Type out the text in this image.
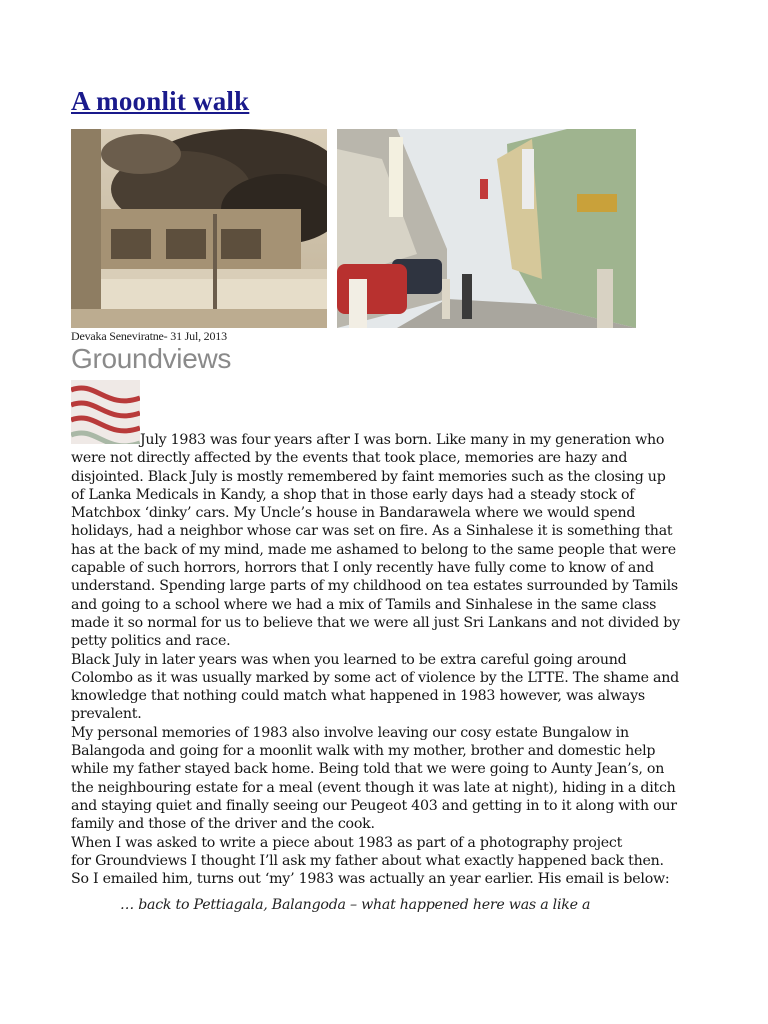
A moonlit walk
Devaka Seneviratne- 31 Jul, 2013
Groundviews

July 1983 was four years after I was born. Like many in my generation who

were not directly affected by the events that took place, memories are hazy and

disjointed. Black July is mostly remembered by faint memories such as the closing up

of Lanka Medicals in Kandy, a shop that in those early days had a steady stock of

Matchbox ‘dinky’ cars. My Uncle’s house in Bandarawela where we would spend

holidays, had a neighbor whose car was set on fire. As a Sinhalese it is something that

has at the back of my mind, made me ashamed to belong to the same people that were

capable of such horrors, horrors that I only recently have fully come to know of and

understand. Spending large parts of my childhood on tea estates surrounded by Tamils

and going to a school where we had a mix of Tamils and Sinhalese in the same class

made it so normal for us to believe that we were all just Sri Lankans and not divided by

petty politics and race.

Black July in later years was when you learned to be extra careful going around

Colombo as it was usually marked by some act of violence by the LTTE. The shame and

knowledge that nothing could match what happened in 1983 however, was always

prevalent.

My personal memories of 1983 also involve leaving our cosy estate Bungalow in

Balangoda and going for a moonlit walk with my mother, brother and domestic help

while my father stayed back home. Being told that we were going to Aunty Jean’s, on

the neighbouring estate for a meal (event though it was late at night), hiding in a ditch

and staying quiet and finally seeing our Peugeot 403 and getting in to it along with our

family and those of the driver and the cook.

When I was asked to write a piece about 1983 as part of a photography project

for Groundviews I thought I’ll ask my father about what exactly happened back then.

So I emailed him, turns out ‘my’ 1983 was actually an year earlier. His email is below:

… back to Pettiagala, Balangoda – what happened here was a like a
